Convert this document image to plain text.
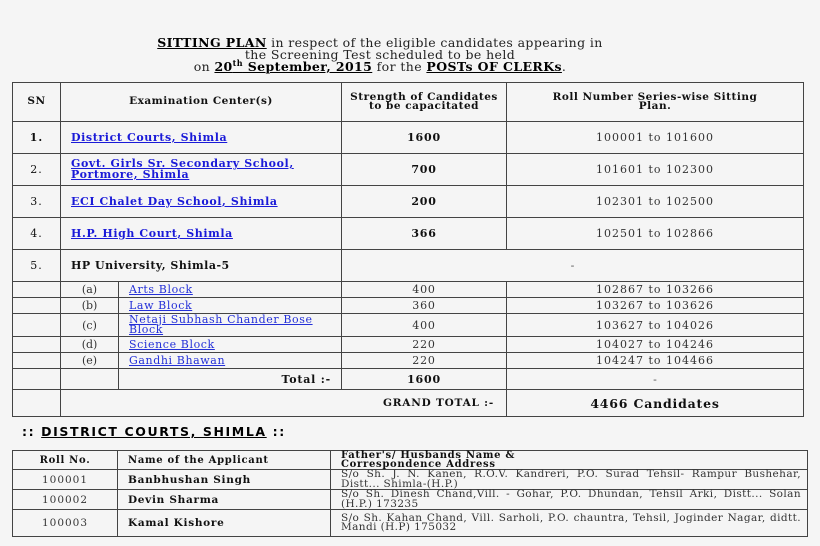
SITTING PLAN in respect of the eligible candidates appearing in
the Screening Test scheduled to be held
on 20th September, 2015 for the POSTs OF CLERKs.
SN	Examination Center(s)		Strength of Candidates to be capacitated	Roll Number Series-wise Sitting Plan.
1.	District Courts, Shimla		1600	100001 to 101600
2.	Govt. Girls Sr. Secondary School, Portmore, Shimla		700	101601 to 102300
3.	ECI Chalet Day School, Shimla		200	102301 to 102500
4.	H.P. High Court, Shimla		366	102501 to 102866
5.	HP University, Shimla-5		-	
	(a)	Arts Block	400	102867 to 103266
	(b)	Law Block	360	103267 to 103626
	(c)	Netaji Subhash Chander Bose Block	400	103627 to 104026
	(d)	Science Block	220	104027 to 104246
	(e)	Gandhi Bhawan	220	104247 to 104466
		Total :-	1600	-
	GRAND TOTAL :-			4466 Candidates
:: DISTRICT COURTS, SHIMLA ::
Roll No.	Name of the Applicant	Father's/ Husbands Name & Correspondence Address
100001	Banbhushan Singh	S/o Sh. J. N. Kanen, R.O.V. Kandreri, P.O. Surad Tehsil- Rampur Bushehar, Distt... Shimla-(H.P.)
100002	Devin Sharma	S/o Sh. Dinesh Chand,Vill. - Gohar, P.O. Dhundan, Tehsil Arki, Distt... Solan (H.P.) 173235
100003	Kamal Kishore	S/o Sh. Kahan Chand, Vill. Sarholi, P.O. chauntra, Tehsil, Joginder Nagar, didtt. Mandi (H.P) 175032
